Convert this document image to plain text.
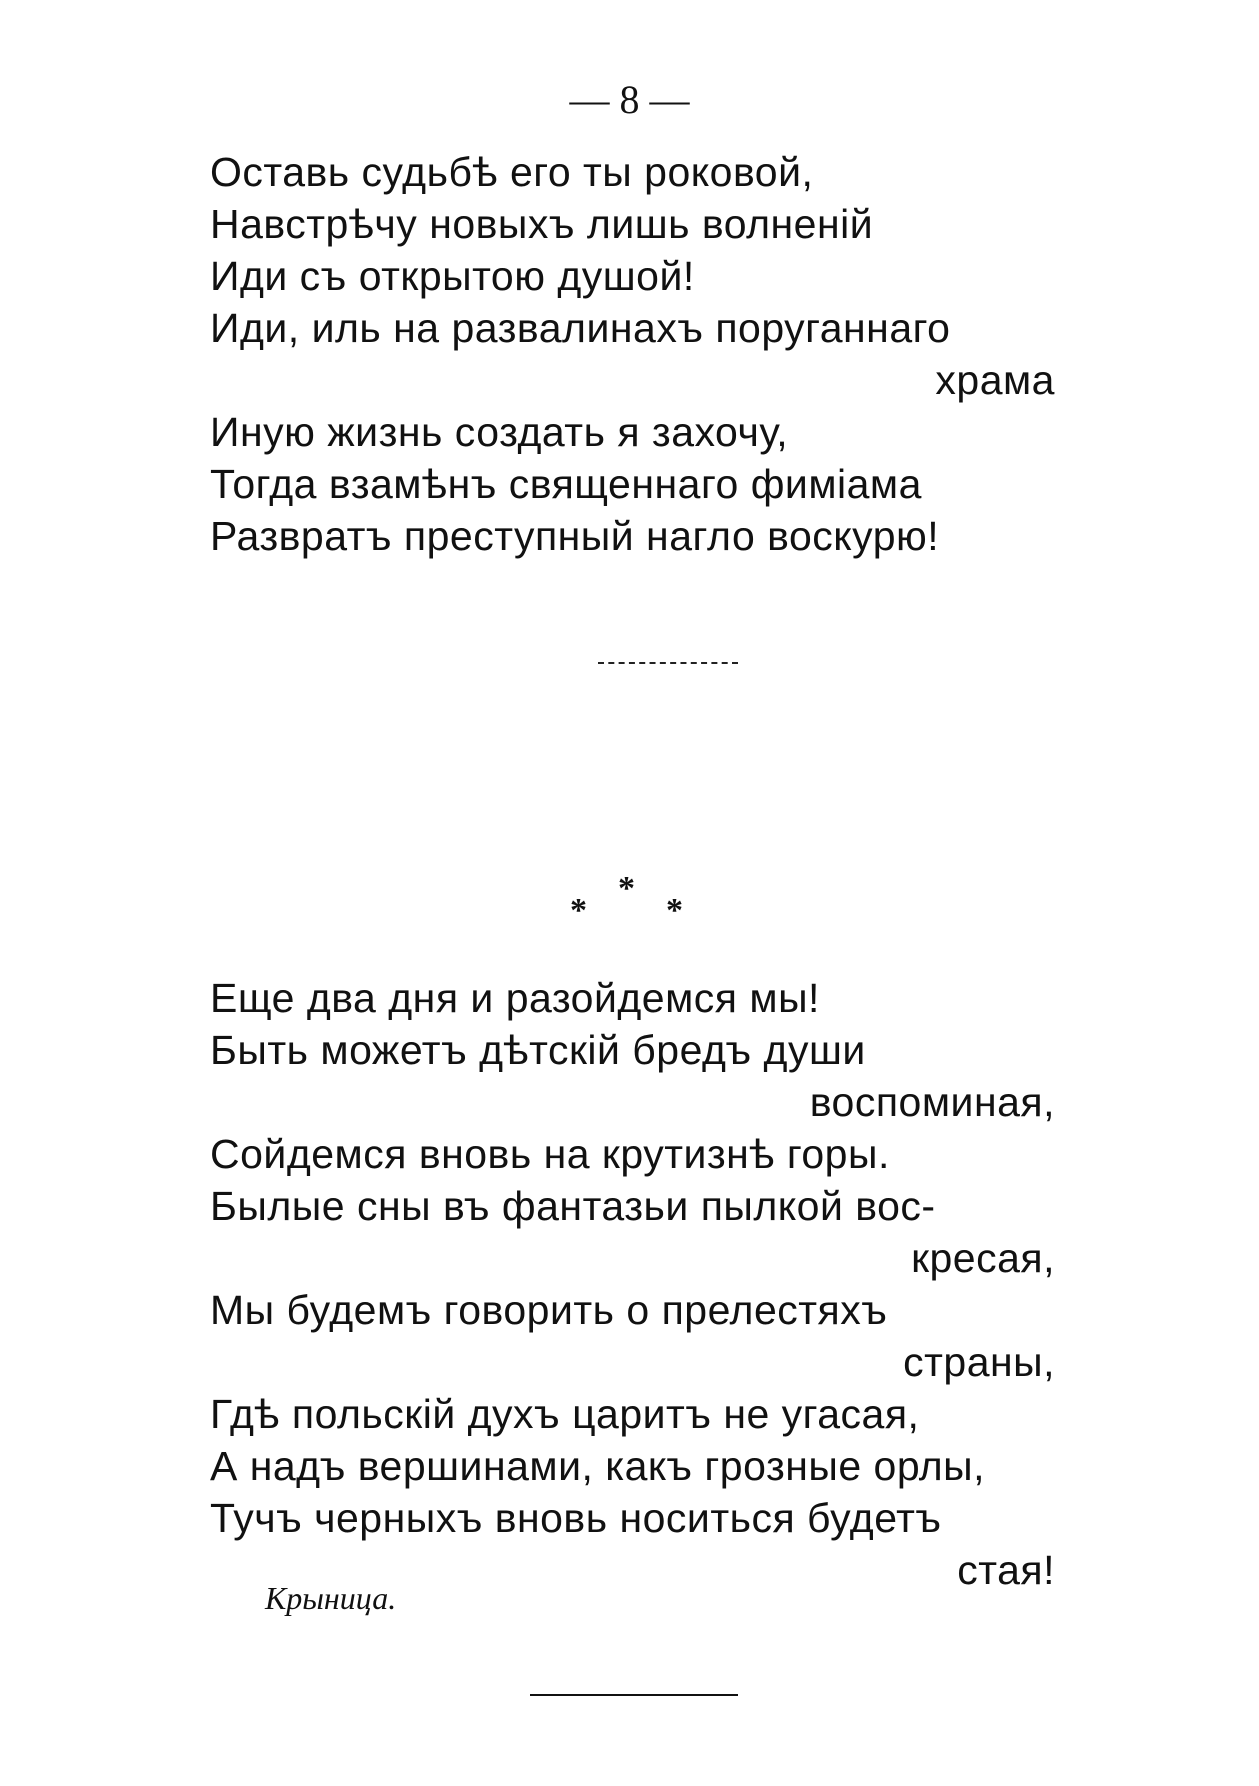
— 8 —
Оставь судьбѣ его ты роковой,
Навстрѣчу новыхъ лишь волненій
Иди съ открытою душой!
Иди, иль на развалинахъ поруганнаго
храма
Иную жизнь создать я захочу,
Тогда взамѣнъ священнаго фиміама
Развратъ преступный нагло воскурю!
*
*
*
Еще два дня и разойдемся мы!
Быть можетъ дѣтскій бредъ души
воспоминая,
Сойдемся вновь на крутизнѣ горы.
Былые сны въ фантазьи пылкой вос-
кресая,
Мы будемъ говорить о прелестяхъ
страны,
Гдѣ польскій духъ царитъ не угасая,
А надъ вершинами, какъ грозные орлы,
Тучъ черныхъ вновь носиться будетъ
стая!
Крыница.
